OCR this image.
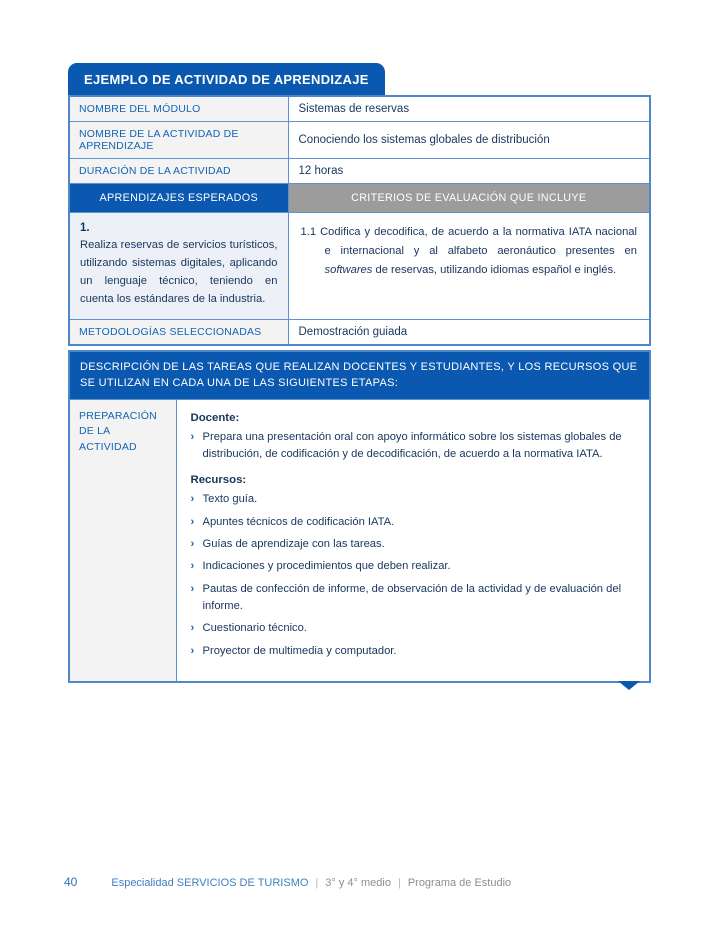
EJEMPLO DE ACTIVIDAD DE APRENDIZAJE
NOMBRE DEL MÓDULO	Sistemas de reservas
NOMBRE DE LA ACTIVIDAD DE APRENDIZAJE	Conociendo los sistemas globales de distribución
DURACIÓN DE LA ACTIVIDAD	12 horas
APRENDIZAJES ESPERADOS	CRITERIOS DE EVALUACIÓN QUE INCLUYE

1.
Realiza reservas de servicios turísticos, utilizando sistemas digitales, aplicando un lenguaje técnico, teniendo en cuenta los estándares de la industria.	1.1 Codifica y decodifica, de acuerdo a la normativa IATA nacional e internacional y al alfabeto aeronáutico presentes en softwares de reservas, utilizando idiomas español e inglés.

METODOLOGÍAS SELECCIONADAS	Demostración guiada
DESCRIPCIÓN DE LAS TAREAS QUE REALIZAN DOCENTES Y ESTUDIANTES, Y LOS RECURSOS QUE SE UTILIZAN EN CADA UNA DE LAS SIGUIENTES ETAPAS:
PREPARACIÓN DE LA ACTIVIDAD	
Docente:
› Prepara una presentación oral con apoyo informático sobre los sistemas globales de distribución, de codificación y de decodificación, de acuerdo a la normativa IATA.
Recursos:
› Texto guía.
› Apuntes técnicos de codificación IATA.
› Guías de aprendizaje con las tareas.
› Indicaciones y procedimientos que deben realizar.
› Pautas de confección de informe, de observación de la actividad y de evaluación del informe.
› Cuestionario técnico.
› Proyector de multimedia y computador.
40	Especialidad SERVICIOS DE TURISMO | 3° y 4° medio | Programa de Estudio
